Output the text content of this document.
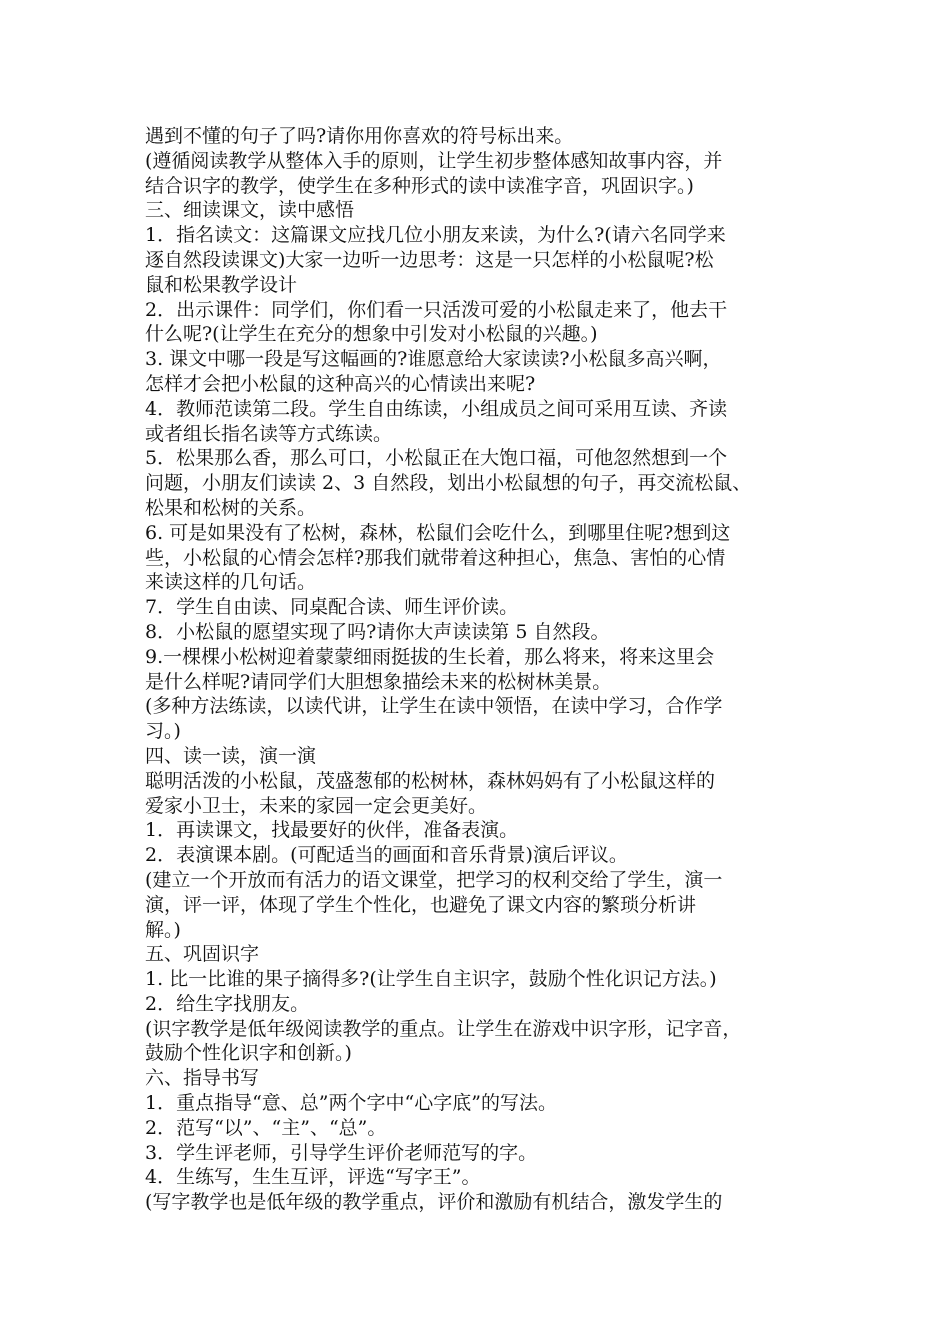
遇到不懂的句子了吗?请你用你喜欢的符号标出来。
(遵循阅读教学从整体入手的原则，让学生初步整体感知故事内容，并
结合识字的教学，使学生在多种形式的读中读准字音，巩固识字。)
三、细读课文，读中感悟
1．指名读文：这篇课文应找几位小朋友来读，为什么?(请六名同学来
逐自然段读课文)大家一边听一边思考：这是一只怎样的小松鼠呢?松
鼠和松果教学设计
2．出示课件：同学们，你们看一只活泼可爱的小松鼠走来了，他去干
什么呢?(让学生在充分的想象中引发对小松鼠的兴趣。)
3. 课文中哪一段是写这幅画的?谁愿意给大家读读?小松鼠多高兴啊，
怎样才会把小松鼠的这种高兴的心情读出来呢?
4．教师范读第二段。学生自由练读，小组成员之间可采用互读、齐读
或者组长指名读等方式练读。
5．松果那么香，那么可口，小松鼠正在大饱口福，可他忽然想到一个
问题，小朋友们读读 2、3 自然段，划出小松鼠想的句子，再交流松鼠、
松果和松树的关系。
6. 可是如果没有了松树，森林，松鼠们会吃什么，到哪里住呢?想到这
些，小松鼠的心情会怎样?那我们就带着这种担心，焦急、害怕的心情
来读这样的几句话。
7．学生自由读、同桌配合读、师生评价读。
8．小松鼠的愿望实现了吗?请你大声读读第 5 自然段。
9.一棵棵小松树迎着蒙蒙细雨挺拔的生长着，那么将来，将来这里会
是什么样呢?请同学们大胆想象描绘未来的松树林美景。
(多种方法练读，以读代讲，让学生在读中领悟，在读中学习，合作学
习。)
四、读一读，演一演
聪明活泼的小松鼠，茂盛葱郁的松树林，森林妈妈有了小松鼠这样的
爱家小卫士，未来的家园一定会更美好。
1．再读课文，找最要好的伙伴，准备表演。
2．表演课本剧。(可配适当的画面和音乐背景)演后评议。
(建立一个开放而有活力的语文课堂，把学习的权利交给了学生，演一
演，评一评，体现了学生个性化，也避免了课文内容的繁琐分析讲
解。)
五、巩固识字
1. 比一比谁的果子摘得多?(让学生自主识字，鼓励个性化识记方法。)
2．给生字找朋友。
(识字教学是低年级阅读教学的重点。让学生在游戏中识字形，记字音，
鼓励个性化识字和创新。)
六、指导书写
1．重点指导“意、总”两个字中“心字底”的写法。
2．范写“以”、“主”、“总”。
3．学生评老师，引导学生评价老师范写的字。
4．生练写，生生互评，评选“写字王”。
(写字教学也是低年级的教学重点，评价和激励有机结合，激发学生的
